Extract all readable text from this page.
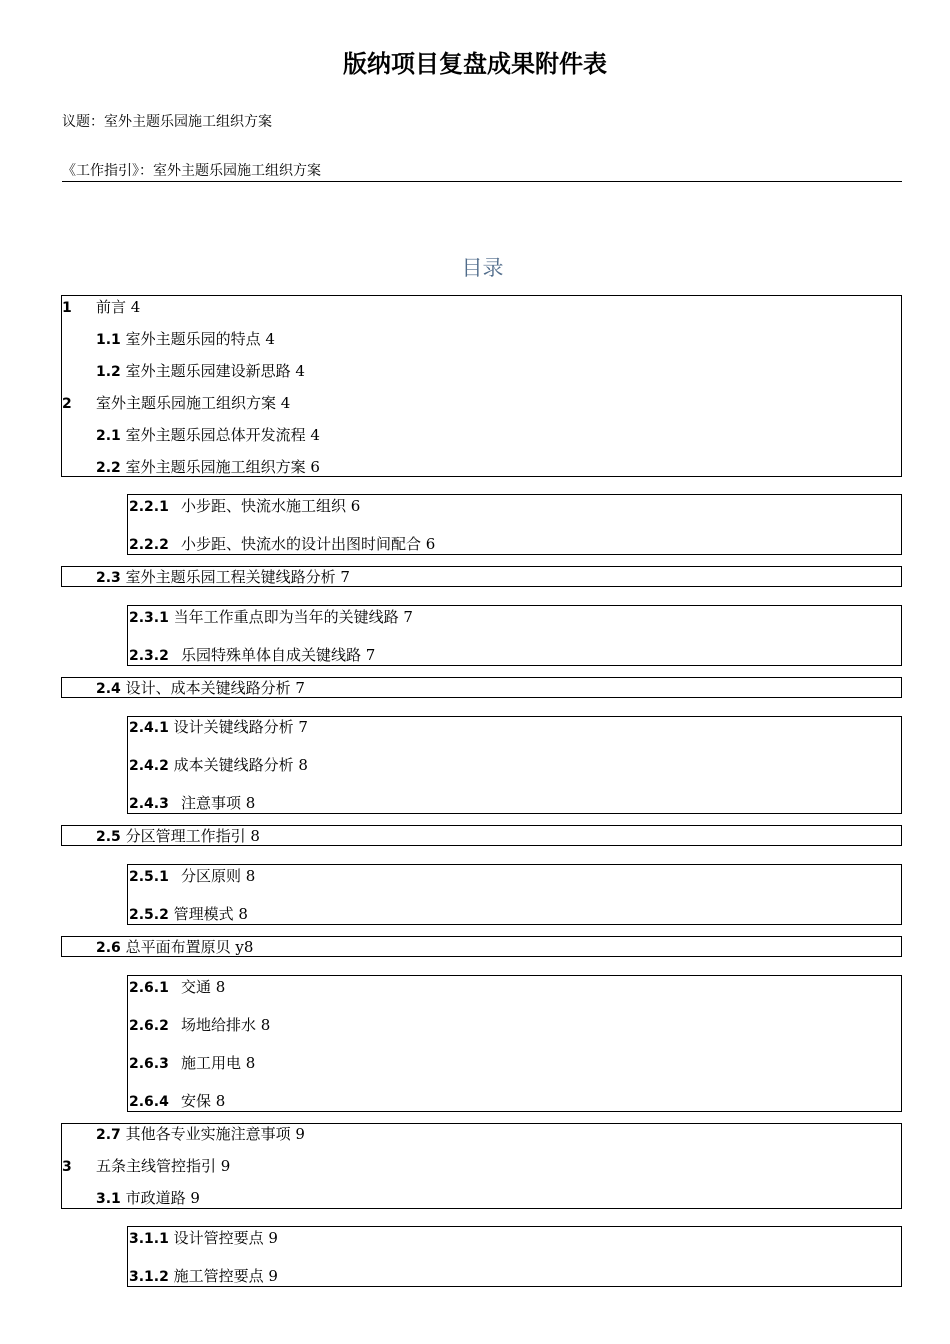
版纳项目复盘成果附件表
议题：室外主题乐园施工组织方案
《工作指引》：室外主题乐园施工组织方案
目录
1 前言 4
1.1 室外主题乐园的特点 4
1.2 室外主题乐园建设新思路 4
2 室外主题乐园施工组织方案 4
2.1 室外主题乐园总体开发流程 4
2.2 室外主题乐园施工组织方案 6
2.2.1 小步距、快流水施工组织 6
2.2.2 小步距、快流水的设计出图时间配合 6
2.3 室外主题乐园工程关键线路分析 7
2.3.1 当年工作重点即为当年的关键线路 7
2.3.2 乐园特殊单体自成关键线路 7
2.4 设计、成本关键线路分析 7
2.4.1 设计关键线路分析 7
2.4.2 成本关键线路分析 8
2.4.3 注意事项 8
2.5 分区管理工作指引 8
2.5.1 分区原则 8
2.5.2 管理模式 8
2.6 总平面布置原贝 y8
2.6.1 交通 8
2.6.2 场地给排水 8
2.6.3 施工用电 8
2.6.4 安保 8
2.7 其他各专业实施注意事项 9
3 五条主线管控指引 9
3.1 市政道路 9
3.1.1 设计管控要点 9
3.1.2 施工管控要点 9
